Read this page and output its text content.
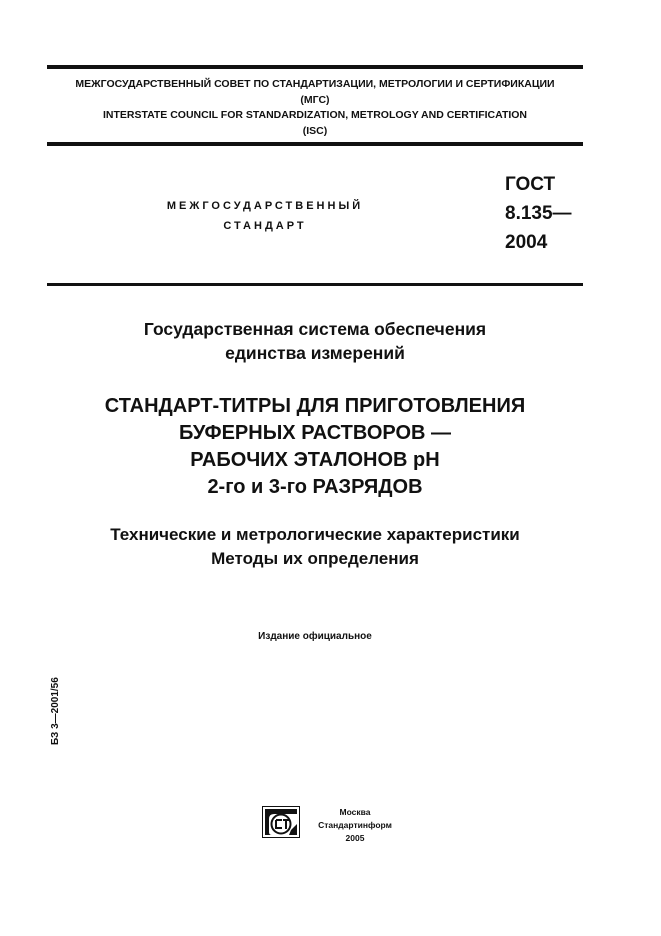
МЕЖГОСУДАРСТВЕННЫЙ СОВЕТ ПО СТАНДАРТИЗАЦИИ, МЕТРОЛОГИИ И СЕРТИФИКАЦИИ
(МГС)
INTERSTATE COUNCIL FOR STANDARDIZATION, METROLOGY AND CERTIFICATION
(ISC)
МЕЖГОСУДАРСТВЕННЫЙ
СТАНДАРТ
ГОСТ
8.135—
2004
Государственная система обеспечения
единства измерений
СТАНДАРТ-ТИТРЫ ДЛЯ ПРИГОТОВЛЕНИЯ
БУФЕРНЫХ РАСТВОРОВ —
РАБОЧИХ ЭТАЛОНОВ pH
2-го и 3-го РАЗРЯДОВ
Технические и метрологические характеристики
Методы их определения
Издание официальное
БЗ 3—2001/56
Москва
Стандартинформ
2005
